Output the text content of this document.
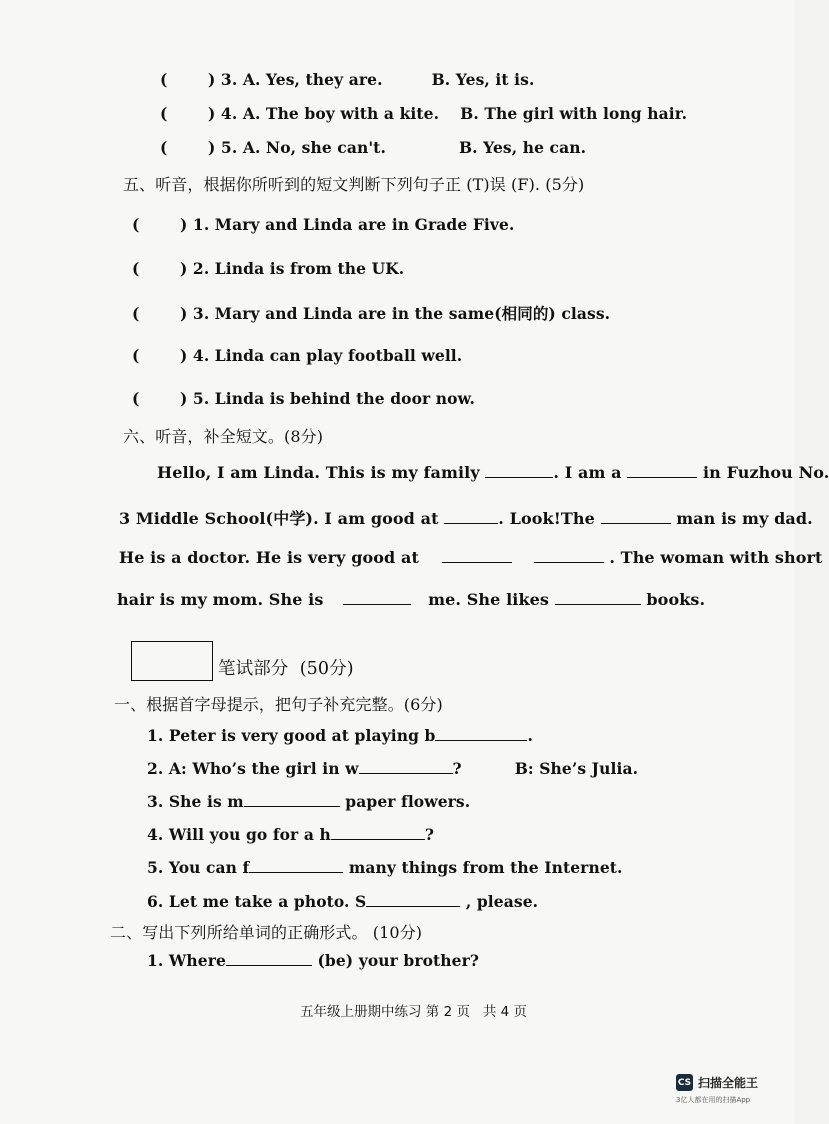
(	) 3. A. Yes, they are.	B. Yes, it is.
(	) 4. A. The boy with a kite. B. The girl with long hair.
(	) 5. A. No, she can't.	B. Yes, he can.
五、听音，根据你所听到的短文判断下列句子正 (T)误 (F). (5分)
(	) 1. Mary and Linda are in Grade Five.
(	) 2. Linda is from the UK.
(	) 3. Mary and Linda are in the same(相同的) class.
(	) 4. Linda can play football well.
(	) 5. Linda is behind the door now.
六、听音，补全短文。(8分)
Hello, I am Linda. This is my family	. I am a	in Fuzhou No.
3 Middle School(中学). I am good at	. Look!The	man is my dad.
He is a doctor. He is very good at	. The woman with short
hair is my mom. She is	me. She likes	books.
笔试部分  (50分)
一、根据首字母提示，把句子补充完整。(6分)
1. Peter is very good at playing b	.
2. A: Who’s the girl in w	?	B: She’s Julia.
3. She is m	paper flowers.
4. Will you go for a h	?
5. You can f	many things from the Internet.
6. Let me take a photo. S	, please.
二、写出下列所给单词的正确形式。 (10分)
1. Where	(be) your brother?
五年级上册期中练习 第 2 页   共 4 页
CS 扫描全能王
3亿人都在用的扫描App
